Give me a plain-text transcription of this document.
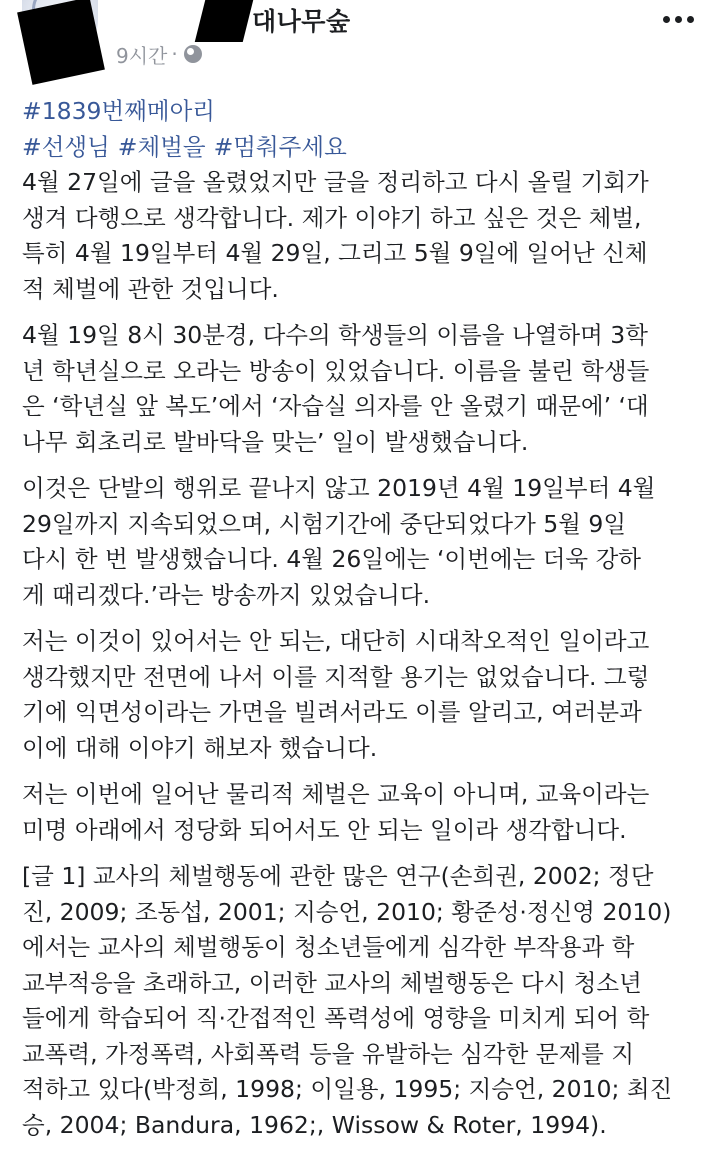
대나무숲
9시간 ·

#1839번째메아리

#선생님 #체벌을 #멈춰주세요

4월 27일에 글을 올렸었지만 글을 정리하고 다시 올릴 기회가
생겨 다행으로 생각합니다. 제가 이야기 하고 싶은 것은 체벌,
특히 4월 19일부터 4월 29일, 그리고 5월 9일에 일어난 신체
적 체벌에 관한 것입니다.

4월 19일 8시 30분경, 다수의 학생들의 이름을 나열하며 3학
년 학년실으로 오라는 방송이 있었습니다. 이름을 불린 학생들
은 ‘학년실 앞 복도’에서 ‘자습실 의자를 안 올렸기 때문에’ ‘대
나무 회초리로 발바닥을 맞는’ 일이 발생했습니다.

이것은 단발의 행위로 끝나지 않고 2019년 4월 19일부터 4월
29일까지 지속되었으며, 시험기간에 중단되었다가 5월 9일
다시 한 번 발생했습니다. 4월 26일에는 ‘이번에는 더욱 강하
게 때리겠다.’라는 방송까지 있었습니다.

저는 이것이 있어서는 안 되는, 대단히 시대착오적인 일이라고
생각했지만 전면에 나서 이를 지적할 용기는 없었습니다. 그렇
기에 익면성이라는 가면을 빌려서라도 이를 알리고, 여러분과
이에 대해 이야기 해보자 했습니다.

저는 이번에 일어난 물리적 체벌은 교육이 아니며, 교육이라는
미명 아래에서 정당화 되어서도 안 되는 일이라 생각합니다.

[글 1] 교사의 체벌행동에 관한 많은 연구(손희권, 2002; 정단
진, 2009; 조동섭, 2001; 지승언, 2010; 황준성·정신영 2010)
에서는 교사의 체벌행동이 청소년들에게 심각한 부작용과 학
교부적응을 초래하고, 이러한 교사의 체벌행동은 다시 청소년
들에게 학습되어 직·간접적인 폭력성에 영향을 미치게 되어 학
교폭력, 가정폭력, 사회폭력 등을 유발하는 심각한 문제를 지
적하고 있다(박정희, 1998; 이일용, 1995; 지승언, 2010; 최진
승, 2004; Bandura, 1962;, Wissow & Roter, 1994).
